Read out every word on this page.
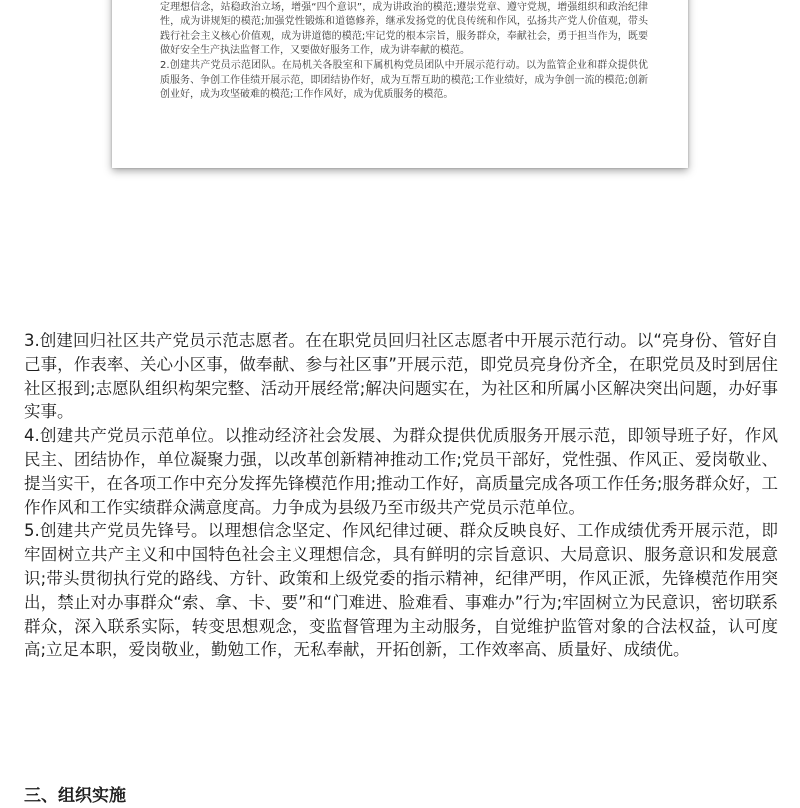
定理想信念，站稳政治立场，增强“四个意识”，成为讲政治的模范;遵崇党章、遵守党规，增强组织和政治纪律性，成为讲规矩的模范;加强党性锻炼和道德修养，继承发扬党的优良传统和作风，弘扬共产党人价值观，带头践行社会主义核心价值观，成为讲道德的模范;牢记党的根本宗旨，服务群众，奉献社会，勇于担当作为，既要做好安全生产执法监督工作，又要做好服务工作，成为讲奉献的模范。

2.创建共产党员示范团队。在局机关各股室和下属机构党员团队中开展示范行动。以为监管企业和群众提供优质服务、争创工作佳绩开展示范，即团结协作好，成为互帮互助的模范;工作业绩好，成为争创一流的模范;创新创业好，成为攻坚破难的模范;工作作风好，成为优质服务的模范。

3.创建回归社区共产党员示范志愿者。在在职党员回归社区志愿者中开展示范行动。以“亮身份、管好自己事，作表率、关心小区事，做奉献、参与社区事”开展示范，即党员亮身份齐全，在职党员及时到居住社区报到;志愿队组织构架完整、活动开展经常;解决问题实在，为社区和所属小区解决突出问题，办好事实事。

4.创建共产党员示范单位。以推动经济社会发展、为群众提供优质服务开展示范，即领导班子好，作风民主、团结协作，单位凝聚力强，以改革创新精神推动工作;党员干部好，党性强、作风正、爱岗敬业、提当实干，在各项工作中充分发挥先锋模范作用;推动工作好，高质量完成各项工作任务;服务群众好，工作作风和工作实绩群众满意度高。力争成为县级乃至市级共产党员示范单位。

5.创建共产党员先锋号。以理想信念坚定、作风纪律过硬、群众反映良好、工作成绩优秀开展示范，即牢固树立共产主义和中国特色社会主义理想信念，具有鲜明的宗旨意识、大局意识、服务意识和发展意识;带头贯彻执行党的路线、方针、政策和上级党委的指示精神，纪律严明，作风正派，先锋模范作用突出，禁止对办事群众“索、拿、卡、要”和“门难进、脸难看、事难办”行为;牢固树立为民意识，密切联系群众，深入联系实际，转变思想观念，变监督管理为主动服务，自觉维护监管对象的合法权益，认可度高;立足本职，爱岗敬业，勤勉工作，无私奉献，开拓创新，工作效率高、质量好、成绩优。

三、组织实施
